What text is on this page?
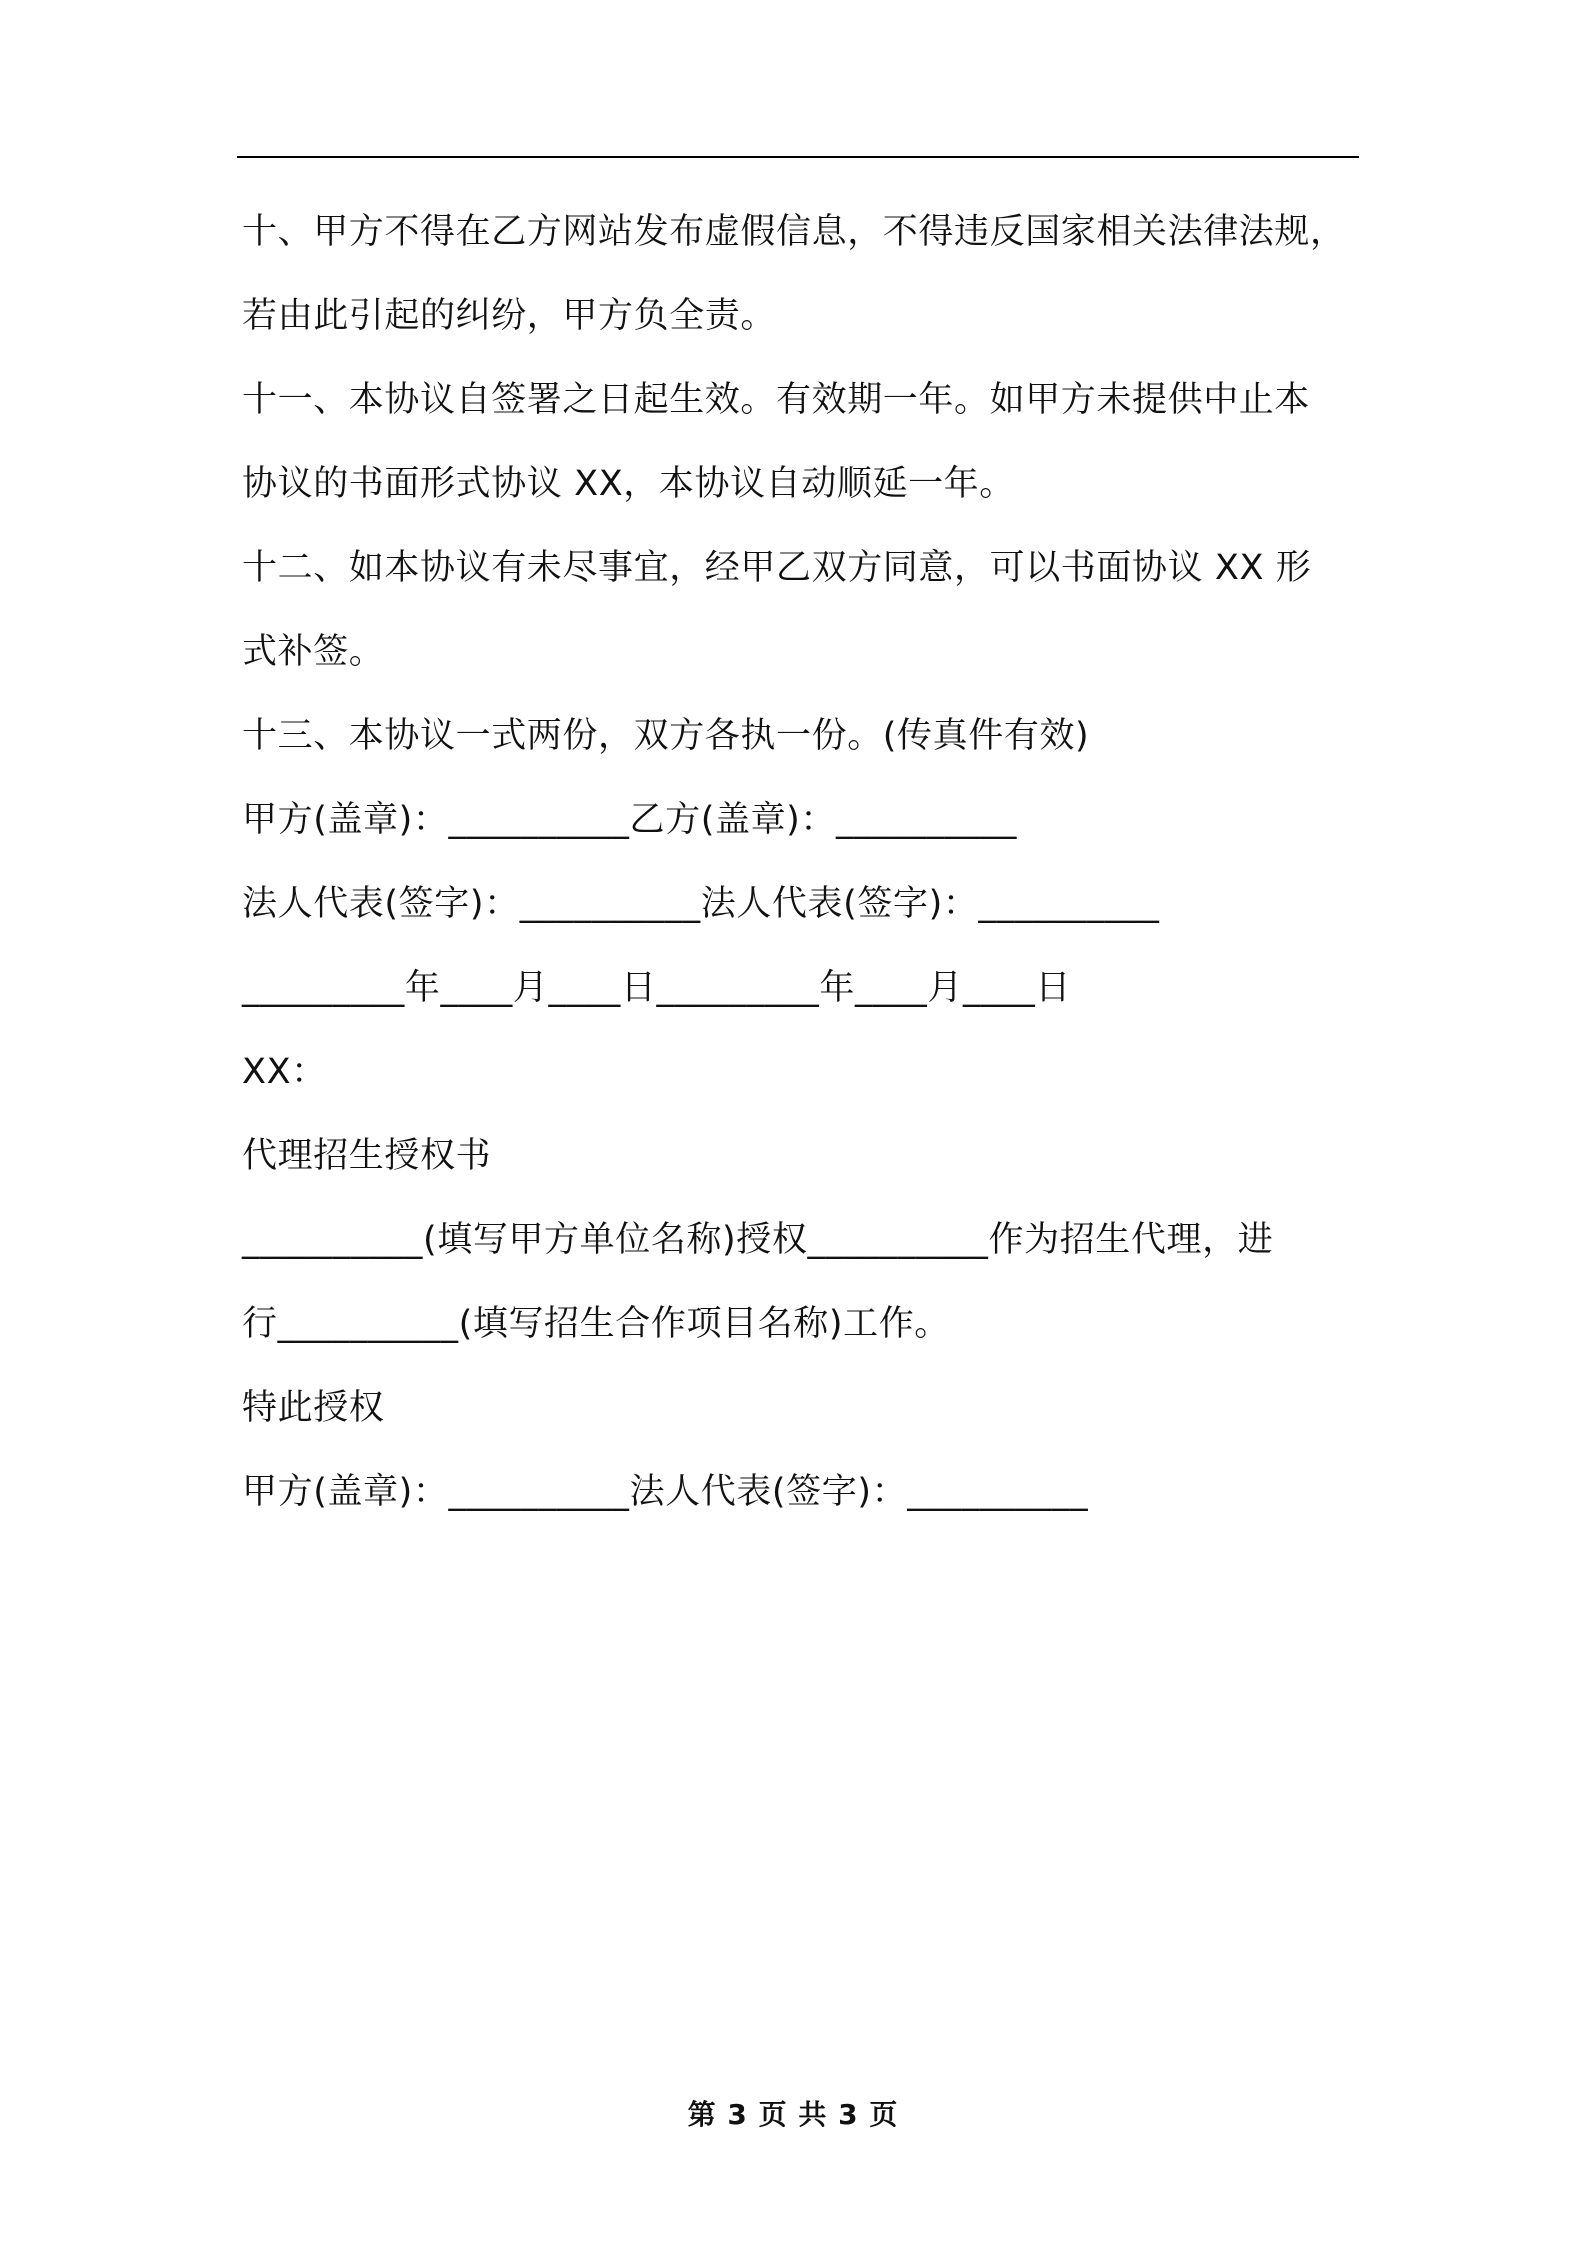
十、甲方不得在乙方网站发布虚假信息，不得违反国家相关法律法规，
若由此引起的纠纷，甲方负全责。

十一、本协议自签署之日起生效。有效期一年。如甲方未提供中止本
协议的书面形式协议 XX，本协议自动顺延一年。

十二、如本协议有未尽事宜，经甲乙双方同意，可以书面协议 XX 形
式补签。

十三、本协议一式两份，双方各执一份。(传真件有效)

甲方(盖章)：__________乙方(盖章)：__________

法人代表(签字)：__________法人代表(签字)：__________

_________年____月____日_________年____月____日

XX：

代理招生授权书

__________(填写甲方单位名称)授权__________作为招生代理，进
行__________(填写招生合作项目名称)工作。

特此授权

甲方(盖章)：__________法人代表(签字)：__________

第 3 页 共 3 页
